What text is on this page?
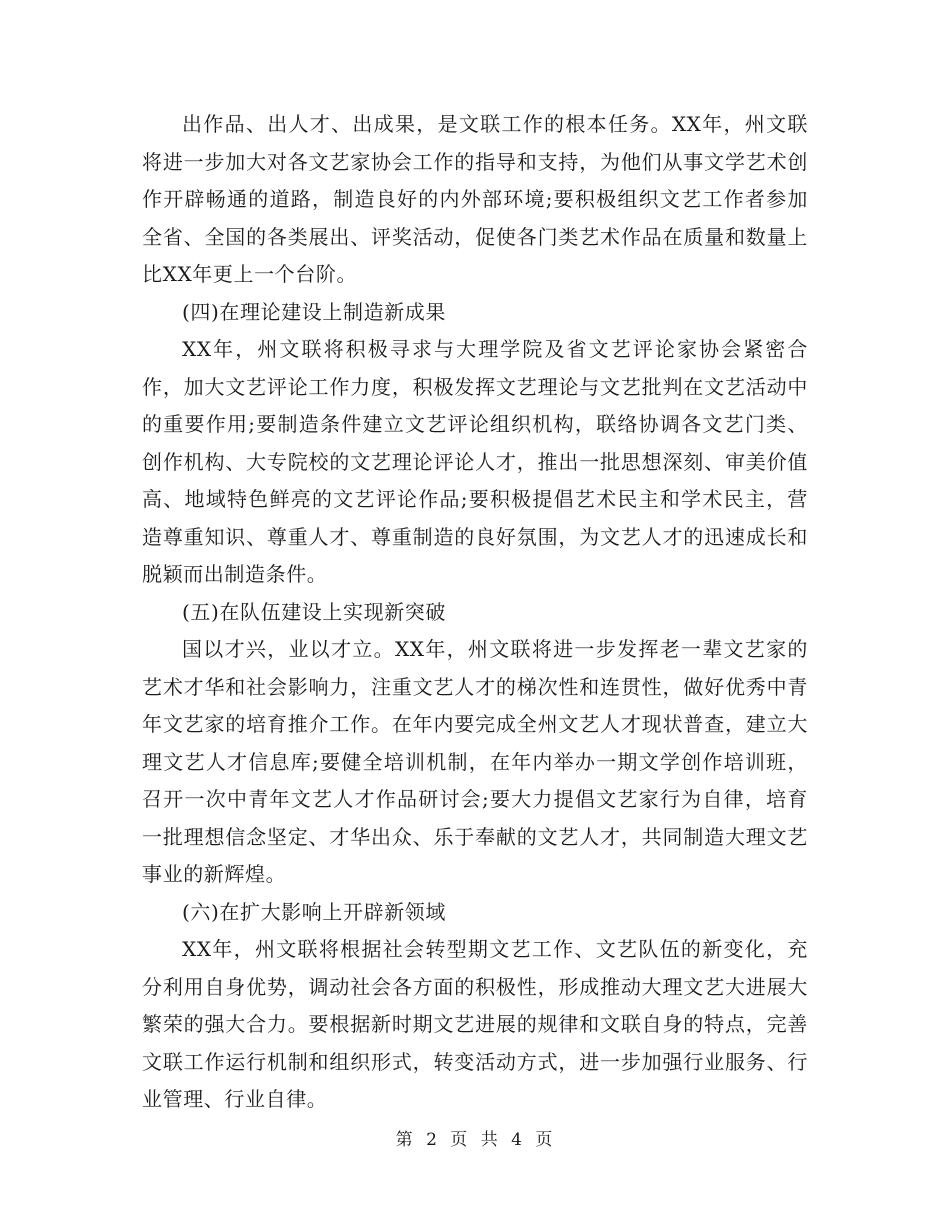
出作品、出人才、出成果，是文联工作的根本任务。XX年，州文联将进一步加大对各文艺家协会工作的指导和支持，为他们从事文学艺术创作开辟畅通的道路，制造良好的内外部环境;要积极组织文艺工作者参加全省、全国的各类展出、评奖活动，促使各门类艺术作品在质量和数量上比XX年更上一个台阶。

(四)在理论建设上制造新成果

XX年，州文联将积极寻求与大理学院及省文艺评论家协会紧密合作，加大文艺评论工作力度，积极发挥文艺理论与文艺批判在文艺活动中的重要作用;要制造条件建立文艺评论组织机构，联络协调各文艺门类、创作机构、大专院校的文艺理论评论人才，推出一批思想深刻、审美价值高、地域特色鲜亮的文艺评论作品;要积极提倡艺术民主和学术民主，营造尊重知识、尊重人才、尊重制造的良好氛围，为文艺人才的迅速成长和脱颖而出制造条件。

(五)在队伍建设上实现新突破

国以才兴，业以才立。XX年，州文联将进一步发挥老一辈文艺家的艺术才华和社会影响力，注重文艺人才的梯次性和连贯性，做好优秀中青年文艺家的培育推介工作。在年内要完成全州文艺人才现状普查，建立大理文艺人才信息库;要健全培训机制，在年内举办一期文学创作培训班，召开一次中青年文艺人才作品研讨会;要大力提倡文艺家行为自律，培育一批理想信念坚定、才华出众、乐于奉献的文艺人才，共同制造大理文艺事业的新辉煌。

(六)在扩大影响上开辟新领域

XX年，州文联将根据社会转型期文艺工作、文艺队伍的新变化，充分利用自身优势，调动社会各方面的积极性，形成推动大理文艺大进展大繁荣的强大合力。要根据新时期文艺进展的规律和文联自身的特点，完善文联工作运行机制和组织形式，转变活动方式，进一步加强行业服务、行业管理、行业自律。

第 2 页 共 4 页
